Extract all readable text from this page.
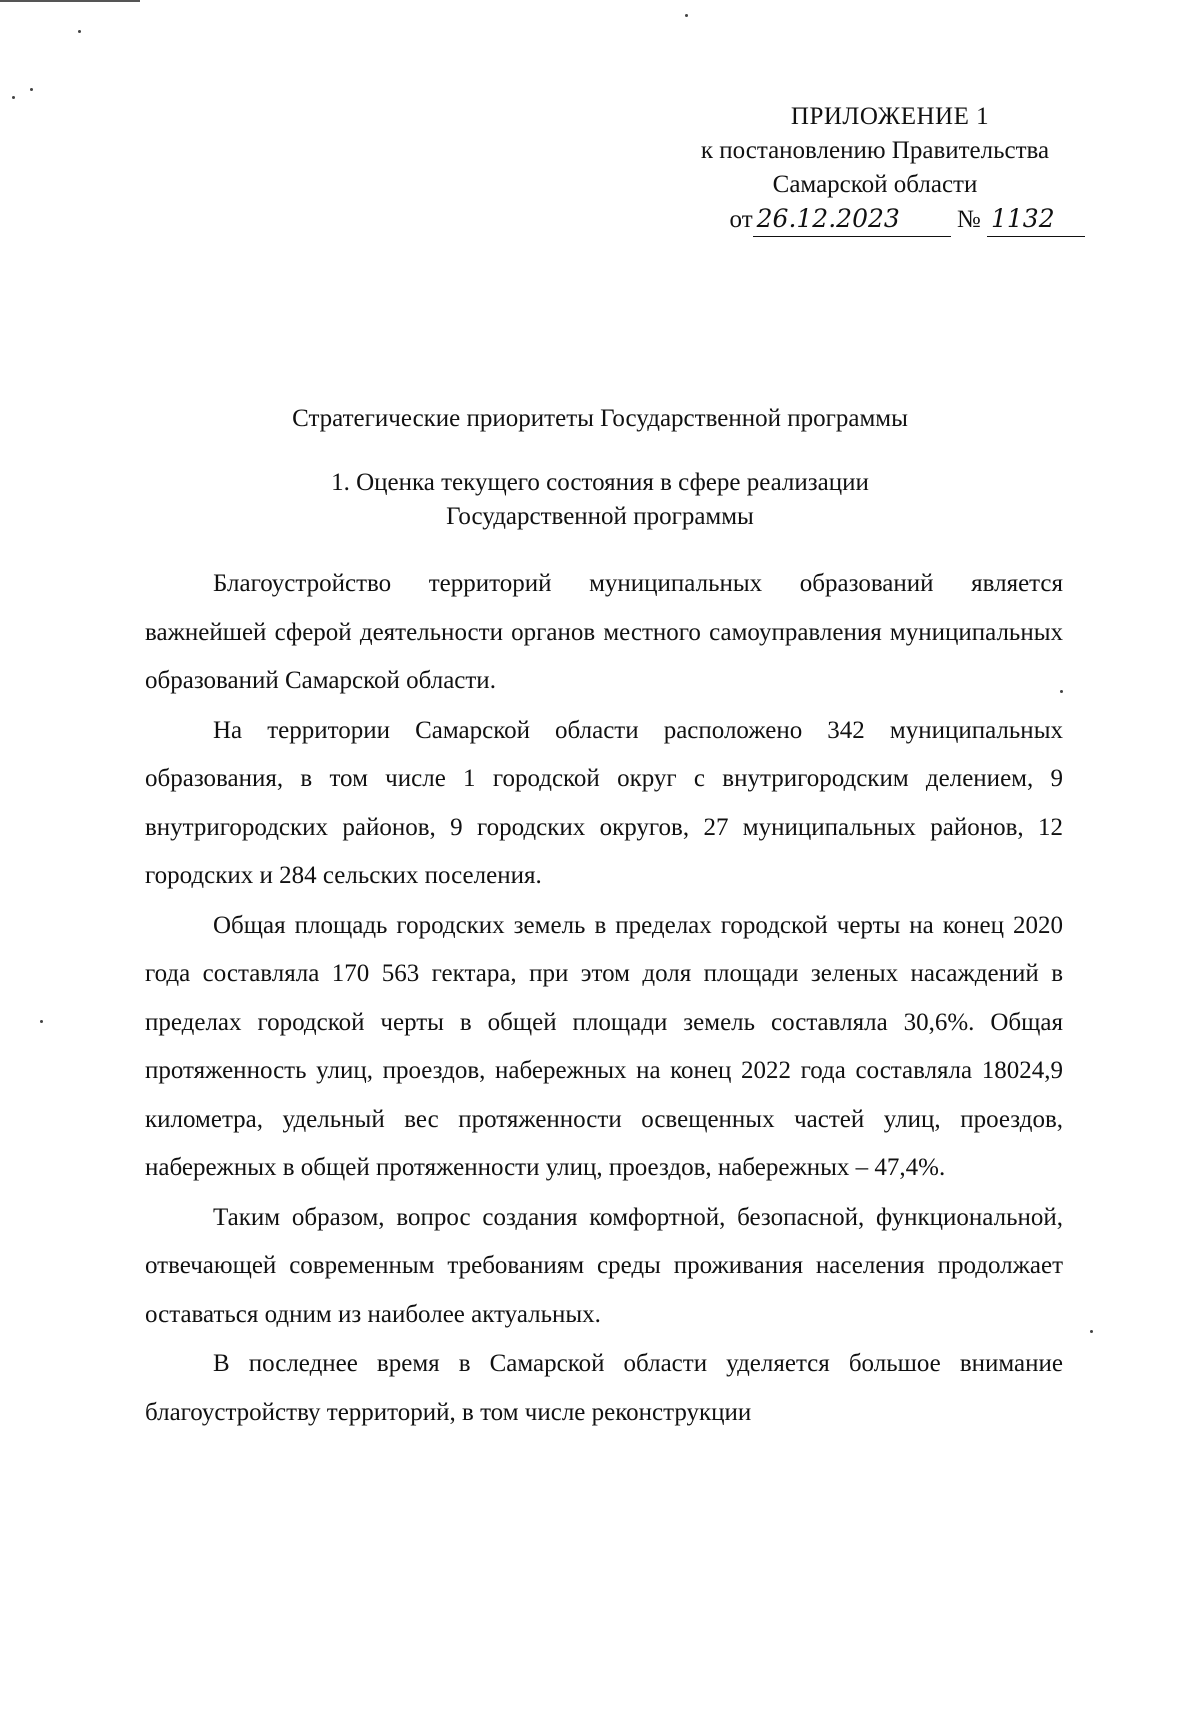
ПРИЛОЖЕНИЕ 1
к постановлению Правительства
Самарской области
от 26.12.2023 № 1132
Стратегические приоритеты Государственной программы
1. Оценка текущего состояния в сфере реализации
Государственной программы

Благоустройство территорий муниципальных образований является важнейшей сферой деятельности органов местного самоуправления муниципальных образований Самарской области.

На территории Самарской области расположено 342 муниципальных образования, в том числе 1 городской округ с внутригородским делением, 9 внутригородских районов, 9 городских округов, 27 муниципальных районов, 12 городских и 284 сельских поселения.

Общая площадь городских земель в пределах городской черты на конец 2020 года составляла 170 563 гектара, при этом доля площади зеленых насаждений в пределах городской черты в общей площади земель составляла 30,6%. Общая протяженность улиц, проездов, набережных на конец 2022 года составляла 18024,9 километра, удельный вес протяженности освещенных частей улиц, проездов, набережных в общей протяженности улиц, проездов, набережных – 47,4%.

Таким образом, вопрос создания комфортной, безопасной, функциональной, отвечающей современным требованиям среды проживания населения продолжает оставаться одним из наиболее актуальных.

В последнее время в Самарской области уделяется большое внимание благоустройству территорий, в том числе реконструкции
